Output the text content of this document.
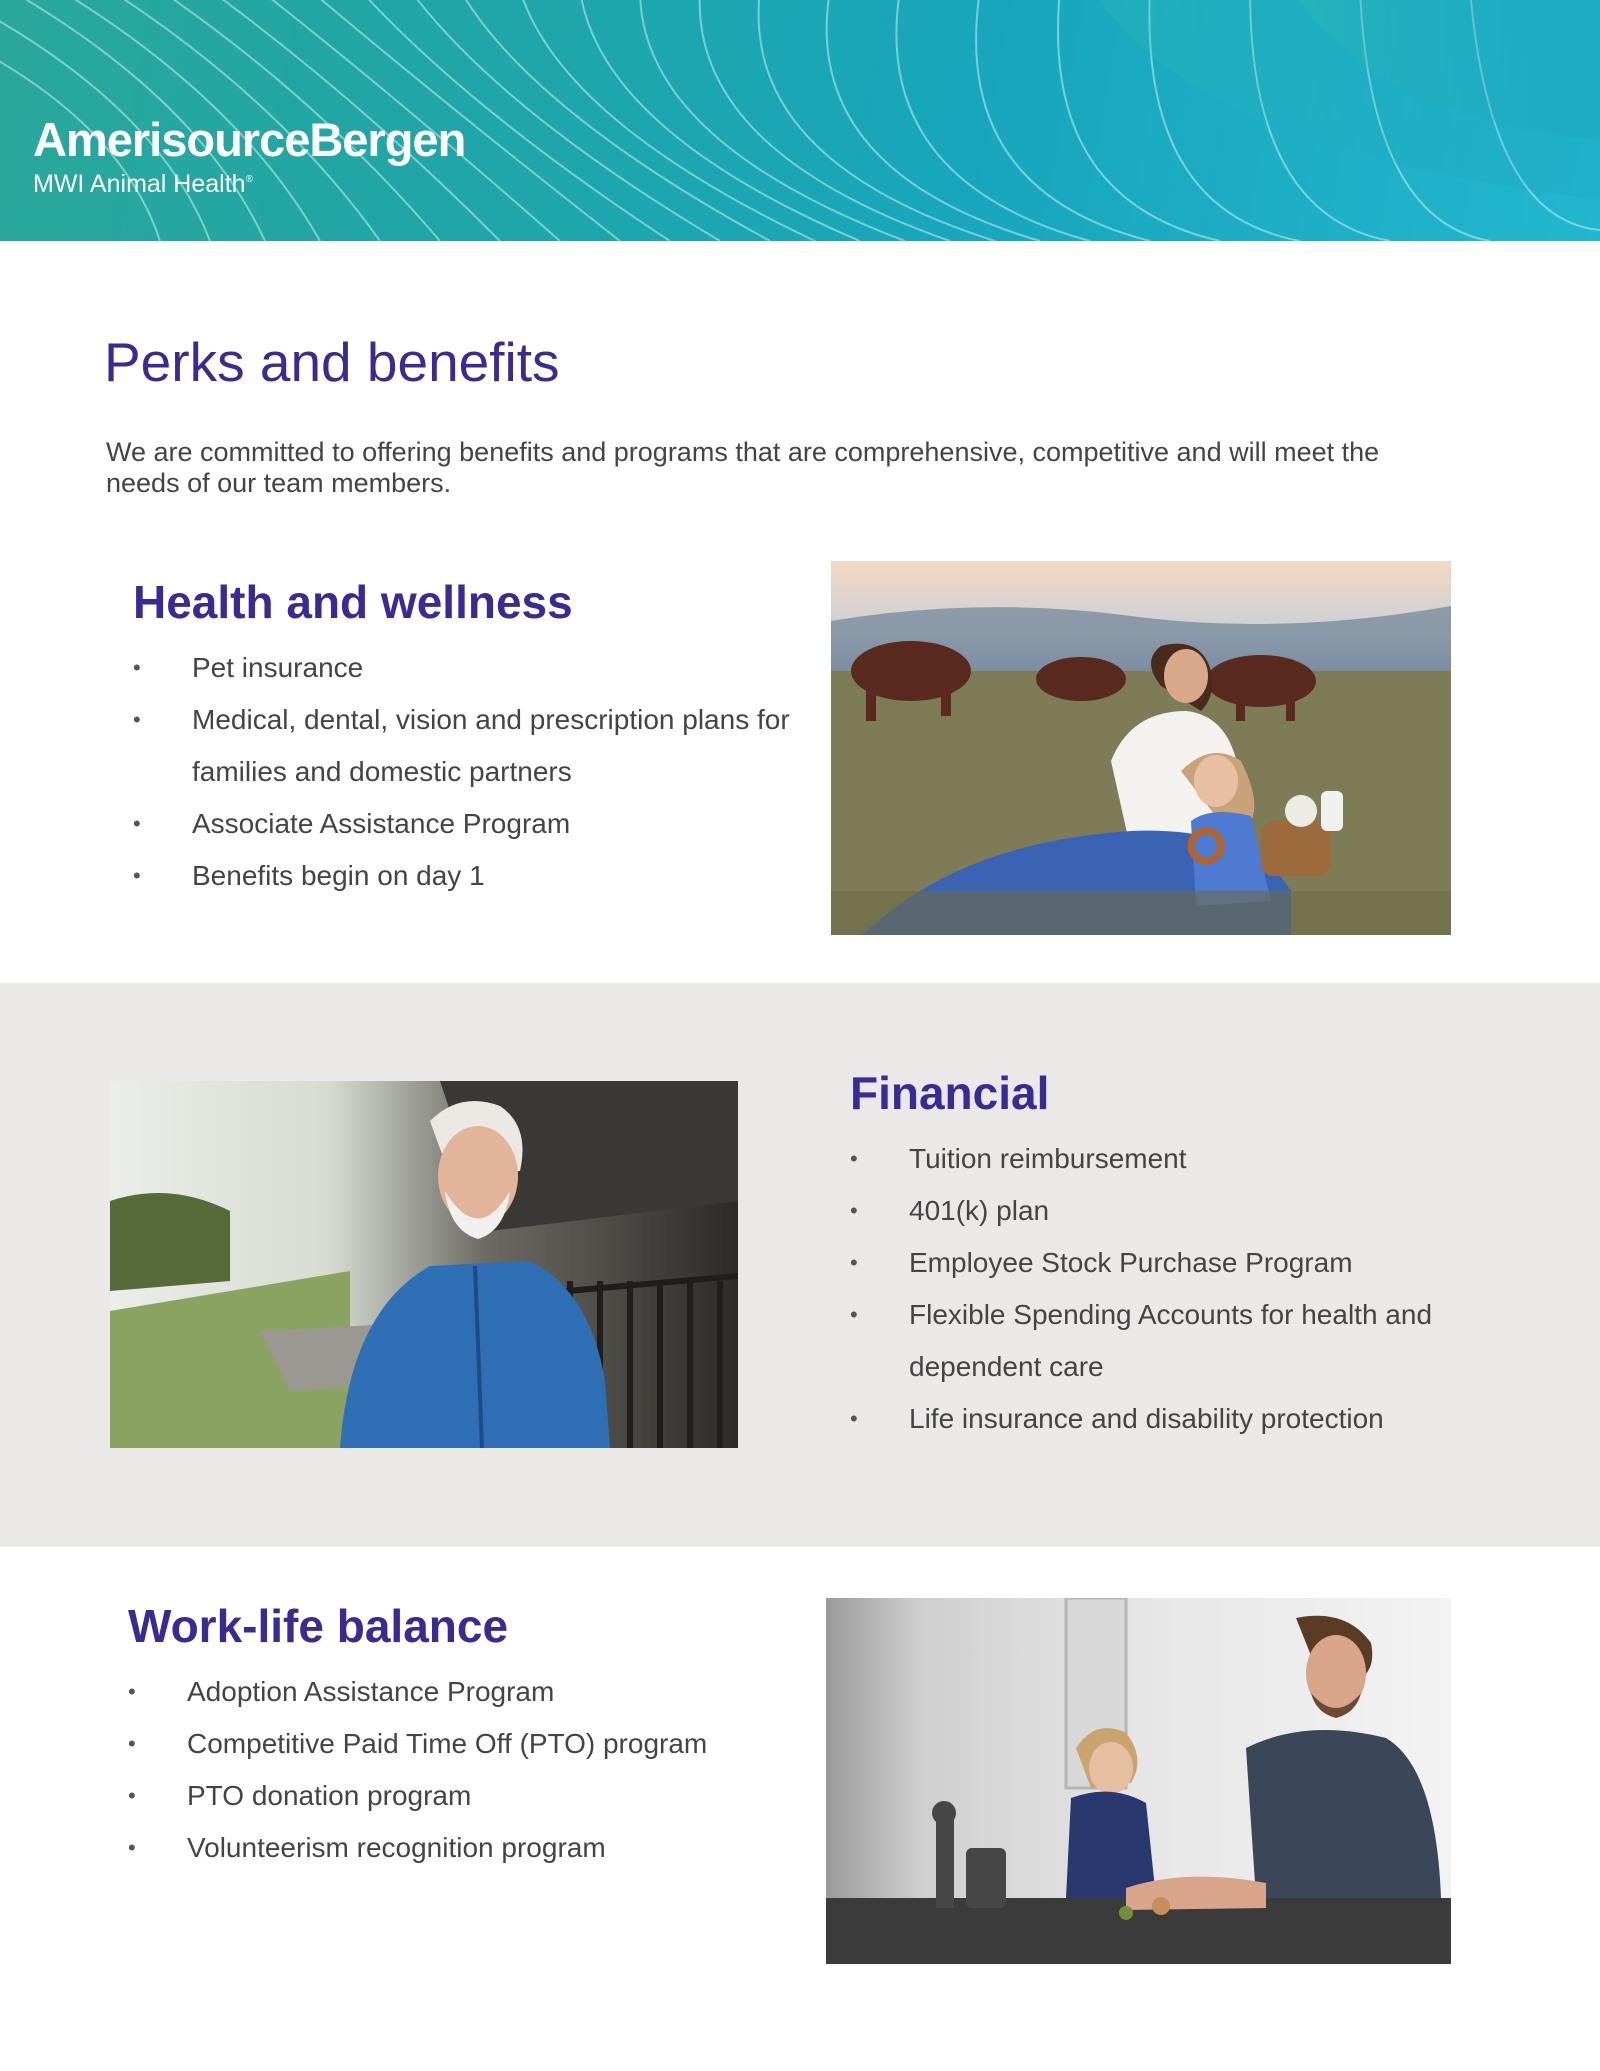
AmerisourceBergen
MWI Animal Health®
Perks and benefits

We are committed to offering benefits and programs that are comprehensive, competitive and will meet the needs of our team members.

Health and wellness
• Pet insurance
• Medical, dental, vision and prescription plans for families and domestic partners
• Associate Assistance Program
• Benefits begin on day 1
Financial
• Tuition reimbursement
• 401(k) plan
• Employee Stock Purchase Program
• Flexible Spending Accounts for health and dependent care
• Life insurance and disability protection
Work-life balance
• Adoption Assistance Program
• Competitive Paid Time Off (PTO) program
• PTO donation program
• Volunteerism recognition program
